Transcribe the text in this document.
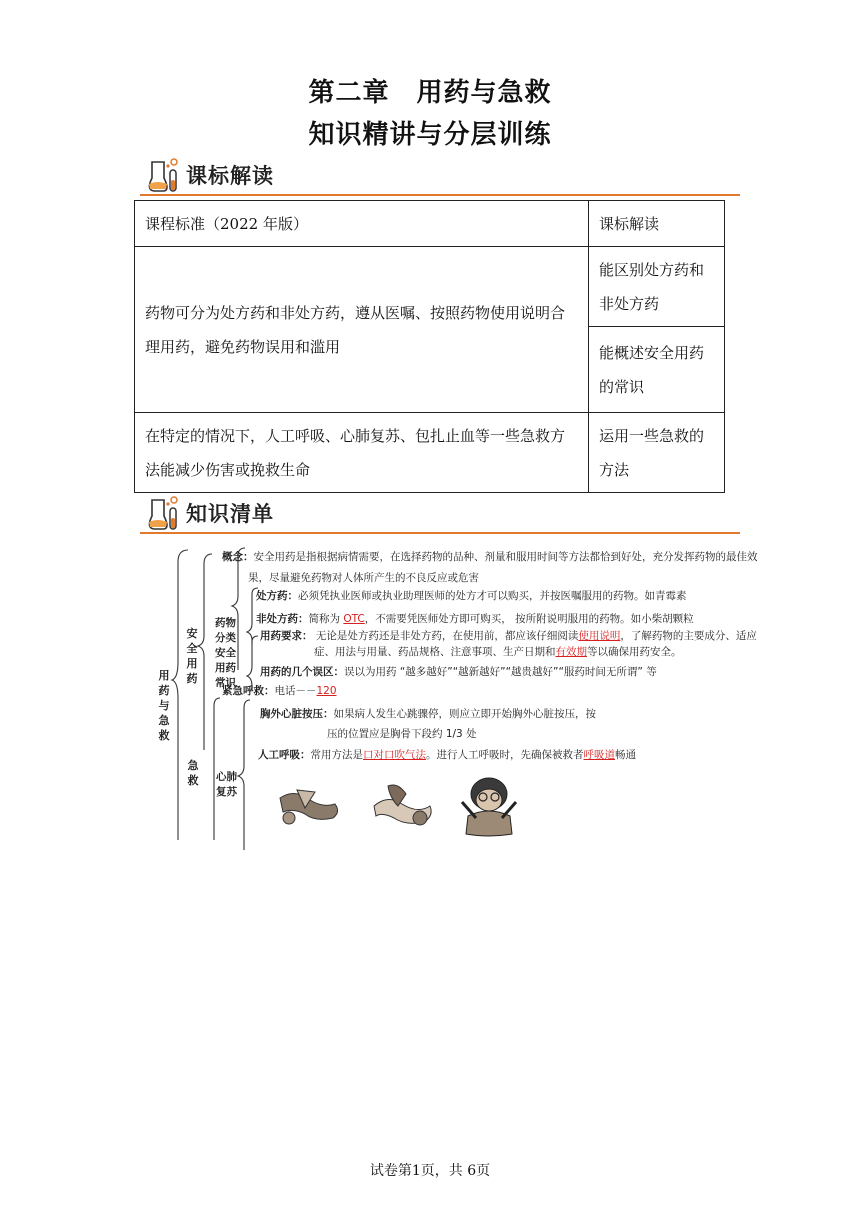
第二章　用药与急救
知识精讲与分层训练
课标解读
课程标准（2022 年版）	课标解读
药物可分为处方药和非处方药，遵从医嘱、按照药物使用说明合理用药，避免药物误用和滥用	能区别处方药和非处方药
	能概述安全用药的常识
在特定的情况下，人工呼吸、心肺复苏、包扎止血等一些急救方法能减少伤害或挽救生命	运用一些急救的方法
知识清单
用药与急救
安全用药
急救
药物分类
安全用药常识
心肺复苏
概念：安全用药是指根据病情需要，在选择药物的品种、剂量和服用时间等方法都恰到好处，充分发挥药物的最佳效
果，尽量避免药物对人体所产生的不良反应或危害
处方药：必须凭执业医师或执业助理医师的处方才可以购买，并按医嘱服用的药物。如青霉素
非处方药：简称为 OTC，不需要凭医师处方即可购买， 按所附说明服用的药物。如小柴胡颗粒
用药要求： 无论是处方药还是非处方药，在使用前，都应该仔细阅读使用说明，了解药物的主要成分、适应
症、用法与用量、药品规格、注意事项、生产日期和有效期等以确保用药安全。
用药的几个误区：误以为用药 “越多越好”“越新越好”“越贵越好”“服药时间无所谓” 等
紧急呼救：电话－－120
胸外心脏按压：如果病人发生心跳骤停，则应立即开始胸外心脏按压，按
压的位置应是胸骨下段约 1/3 处
人工呼吸：常用方法是口对口吹气法。进行人工呼吸时，先确保被救者呼吸道畅通
试卷第1页，共 6页
